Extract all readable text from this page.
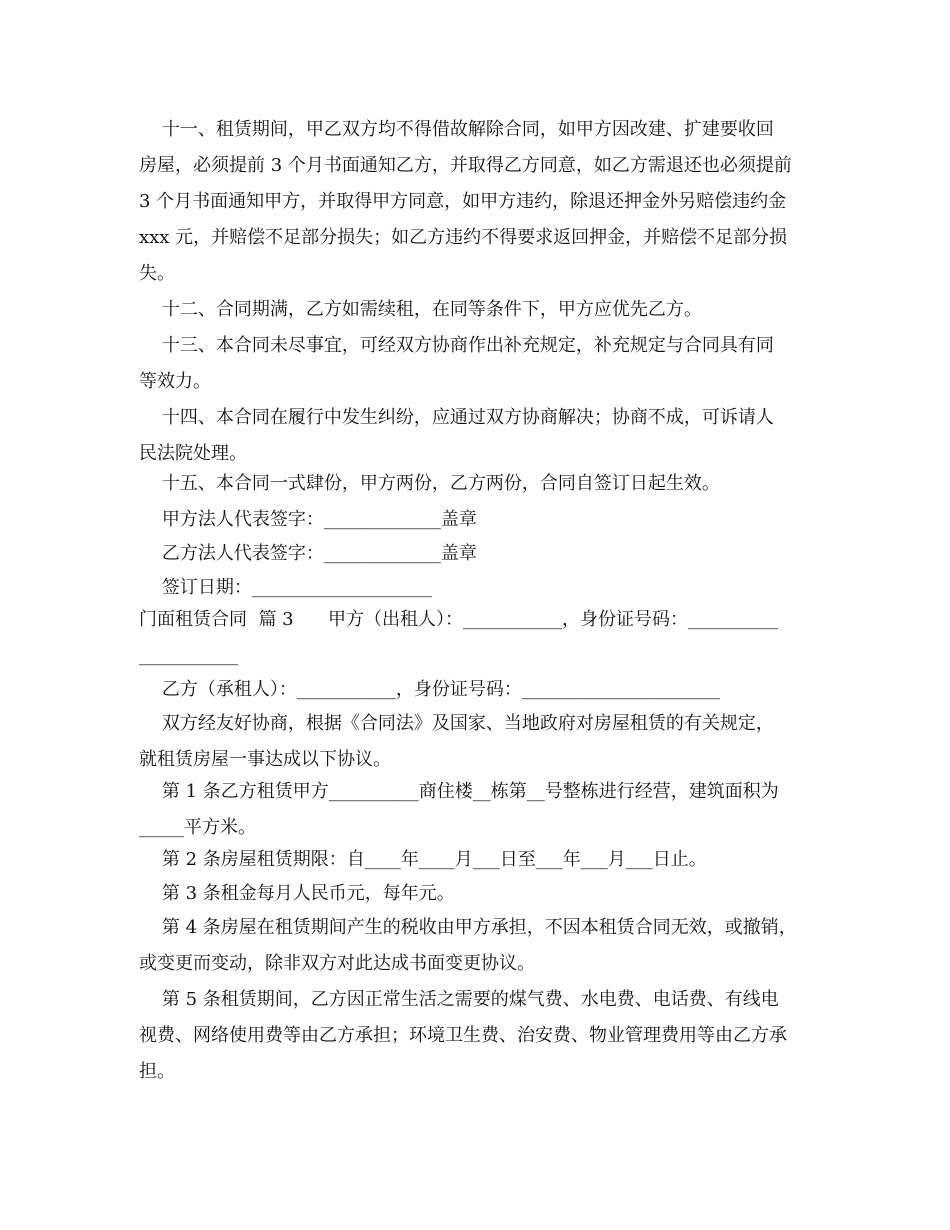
十一、租赁期间，甲乙双方均不得借故解除合同，如甲方因改建、扩建要收回
房屋，必须提前 3 个月书面通知乙方，并取得乙方同意，如乙方需退还也必须提前
3 个月书面通知甲方，并取得甲方同意，如甲方违约，除退还押金外另赔偿违约金
xxx 元，并赔偿不足部分损失；如乙方违约不得要求返回押金，并赔偿不足部分损
失。
十二、合同期满，乙方如需续租，在同等条件下，甲方应优先乙方。
十三、本合同未尽事宜，可经双方协商作出补充规定，补充规定与合同具有同
等效力。
十四、本合同在履行中发生纠纷，应通过双方协商解决；协商不成，可诉请人
民法院处理。
十五、本合同一式肆份，甲方两份，乙方两份，合同自签订日起生效。
甲方法人代表签字：_____________盖章
乙方法人代表签字：_____________盖章
签订日期：____________________
门面租赁合同  篇 3      甲方（出租人）：___________，身份证号码：__________
___________
乙方（承租人）：___________，身份证号码：______________________
双方经友好协商，根据《合同法》及国家、当地政府对房屋租赁的有关规定，
就租赁房屋一事达成以下协议。
第 1 条乙方租赁甲方__________商住楼__栋第__号整栋进行经营，建筑面积为
_____平方米。
第 2 条房屋租赁期限：自____年____月___日至___年___月___日止。
第 3 条租金每月人民币元，每年元。
第 4 条房屋在租赁期间产生的税收由甲方承担，不因本租赁合同无效，或撤销，
或变更而变动，除非双方对此达成书面变更协议。
第 5 条租赁期间，乙方因正常生活之需要的煤气费、水电费、电话费、有线电
视费、网络使用费等由乙方承担；环境卫生费、治安费、物业管理费用等由乙方承
担。
